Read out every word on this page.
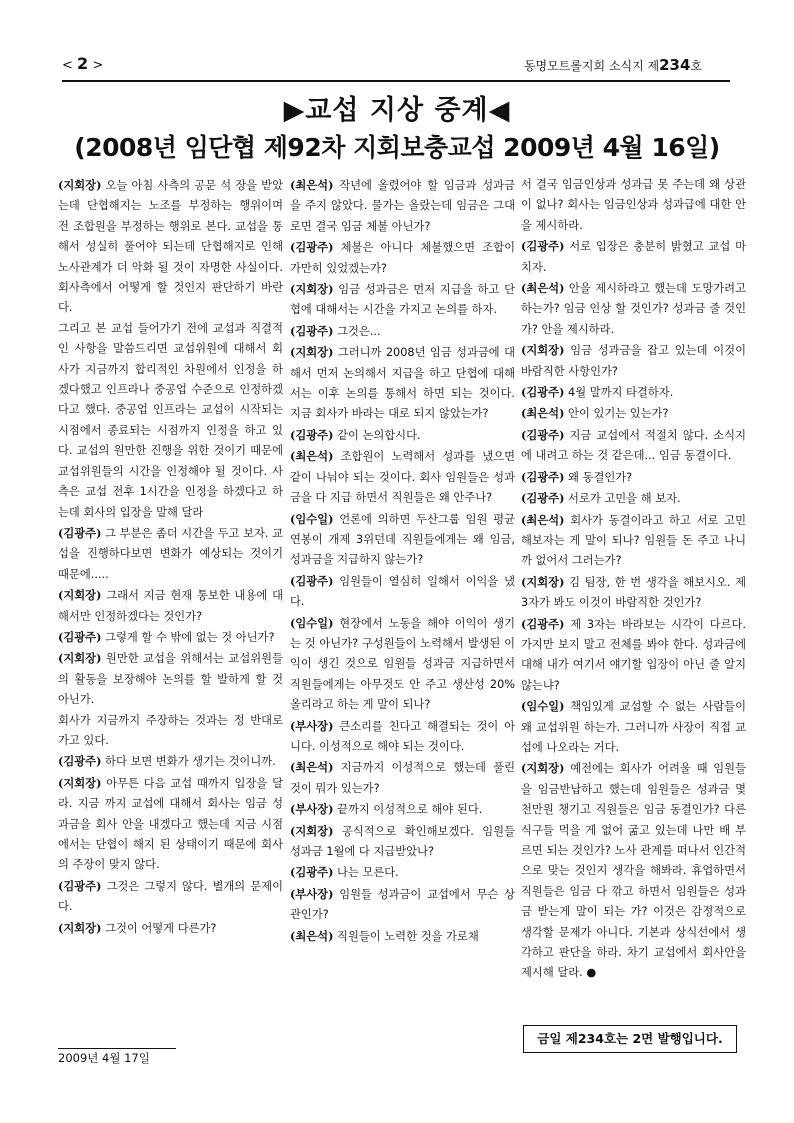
< 2 >	동명모트롤지회 소식지 제234호
▶교섭 지상 중계◀
(2008년 임단협 제92차 지회보충교섭 2009년 4월 16일)

(지회장) 오늘 아침 사측의 공문 석 장을 받았는데 단협해지는 노조를 부정하는 행위이며 전 조합원을 부정하는 행위로 본다. 교섭을 통해서 성실히 풀어야 되는데 단협해지로 인해 노사관계가 더 악화 될 것이 자명한 사실이다. 회사측에서 어떻게 할 것인지 판단하기 바란다.

그리고 본 교섭 들어가기 전에 교섭과 직결적인 사항을 말씀드리면 교섭위원에 대해서 회사가 지금까지 합리적인 차원에서 인정을 하겠다했고 인프라나 중공업 수준으로 인정하겠다고 했다. 중공업 인프라는 교섭이 시작되는 시점에서 종료되는 시점까지 인정을 하고 있다. 교섭의 원만한 진행을 위한 것이기 때문에 교섭위원들의 시간을 인정해야 될 것이다. 사측은 교섭 전후 1시간을 인정을 하겠다고 하는데 회사의 입장을 말해 달라

(김광주) 그 부분은 좀더 시간을 두고 보자. 교섭을 진행하다보면 변화가 예상되는 것이기 때문에.....

(지회장) 그래서 지금 현재 통보한 내용에 대해서만 인정하겠다는 것인가?

(김광주) 그렇게 할 수 밖에 없는 것 아닌가?

(지회장) 원만한 교섭을 위해서는 교섭위원들의 활동을 보장해야 논의를 할 발하게 할 것 아닌가.

회사가 지금까지 주장하는 것과는 정 반대로 가고 있다.

(김광주) 하다 보면 변화가 생기는 것이니까.

(지회장) 아무튼 다음 교섭 때까지 입장을 달라. 지금 까지 교섭에 대해서 회사는 임금 성과금을 회사 안을 내겠다고 했는데 지금 시점에서는 단협이 해지 된 상태이기 때문에 회사의 주장이 맞지 않다.

(김광주) 그것은 그렇지 않다. 별개의 문제이다.

(지회장) 그것이 어떻게 다른가?

(최은석) 작년에 올렸어야 할 임금과 성과금을 주지 않았다. 물가는 올랐는데 임금은 그대로면 결국 임금 체불 아닌가?

(김광주) 체불은 아니다 체불했으면 조합이 가만히 있었겠는가?

(지회장) 임금 성과금은 먼저 지급을 하고 단협에 대해서는 시간을 가지고 논의를 하자.

(김광주) 그것은...

(지회장) 그러니까 2008년 임금 성과금에 대해서 먼저 논의해서 지급을 하고 단협에 대해서는 이후 논의를 통해서 하면 되는 것이다. 지금 회사가 바라는 대로 되지 않았는가?

(김광주) 같이 논의합시다.

(최은석) 조합원이 노력해서 성과를 냈으면 같이 나눠야 되는 것이다. 회사 임원들은 성과금을 다 지급 하면서 직원들은 왜 안주나?

(임수일) 언론에 의하면 두산그룹 임원 평균 연봉이 개제 3위던데 직원들에게는 왜 임금, 성과금을 지급하지 않는가?

(김광주) 임원들이 열심히 일해서 이익을 냈다.

(임수일) 현장에서 노동을 해야 이익이 생기는 것 아닌가? 구성원들이 노력해서 발생된 이익이 생긴 것으로 임원들 성과금 지급하면서 직원들에게는 아무것도 안 주고 생산성 20% 올리라고 하는 게 말이 되나?

(부사장) 큰소리를 친다고 해결되는 것이 아니다. 이성적으로 해야 되는 것이다.

(최은석) 지금까지 이성적으로 했는데 풀린 것이 뭐가 있는가?

(부사장) 끝까지 이성적으로 해야 된다.

(지회장) 공식적으로 확인해보겠다. 임원들 성과금 1월에 다 지급받았나?

(김광주) 나는 모른다.

(부사장) 임원들 성과금이 교섭에서 무슨 상관인가?

(최은석) 직원들이 노력한 것을 가로채

서 결국 임금인상과 성과급 못 주는데 왜 상관이 없나? 회사는 임금인상과 성과급에 대한 안을 제시하라.

(김광주) 서로 입장은 충분히 밝혔고 교섭 마치자.

(최은석) 안을 제시하라고 했는데 도망가려고 하는가? 임금 인상 할 것인가? 성과금 줄 것인가? 안을 제시하라.

(지회장) 임금 성과금을 잡고 있는데 이것이 바람직한 사항인가?

(김광주) 4월 말까지 타결하자.

(최은석) 안이 있기는 있는가?

(김광주) 지금 교섭에서 적절치 않다. 소식지에 내려고 하는 것 같은데... 임금 동결이다.

(김광주) 왜 동결인가?

(김광주) 서로가 고민을 해 보자.

(최은석) 회사가 동결이라고 하고 서로 고민해보자는 게 말이 되나? 임원들 돈 주고 나니까 없어서 그러는가?

(지회장) 김 팀장, 한 번 생각을 해보시오. 제 3자가 봐도 이것이 바람직한 것인가?

(김광주) 제 3자는 바라보는 시각이 다르다. 가지만 보지 말고 전체를 봐야 한다. 성과금에 대해 내가 여기서 얘기할 입장이 아닌 줄 알지 않는냐?

(임수일) 책임있게 교섭할 수 없는 사람들이 왜 교섭위원 하는가. 그러니까 사장이 직접 교섭에 나오라는 거다.

(지회장) 예전에는 회사가 어려울 때 임원들을 임금반납하고 했는데 임원들은 성과금 몇 천만원 챙기고 직원들은 임금 동결인가? 다른 식구들 먹을 게 없어 굶고 있는데 나만 배 부르면 되는 것인가? 노사 관계를 떠나서 인간적으로 맞는 것인지 생각을 해봐라. 휴업하면서 직원들은 임금 다 깎고 하면서 임원들은 성과금 받는게 말이 되는 가? 이것은 감정적으로 생각할 문제가 아니다. 기본과 상식선에서 생각하고 판단을 하라. 차기 교섭에서 회사안을 제시해 달라. ●

금일 제234호는 2면 발행입니다.
2009년 4월 17일
